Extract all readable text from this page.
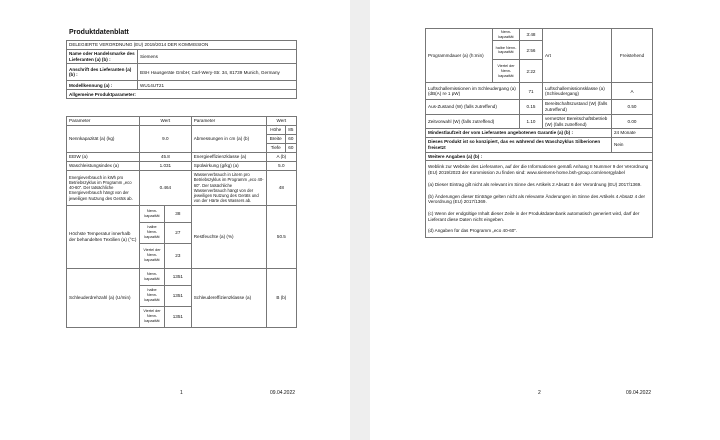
Produktdatenblatt
DELEGIERTE VERORDNUNG (EU) 2019/2014 DER KOMMISSION	
Name oder Handelsmarke des Lieferanten (a) (b) :	Siemens
Anschrift des Lieferanten (a) (b) :	BSH Hausgeräte GmbH; Carl-Wery-Str. 34, 81739 Munich, Germany
Modellkennung (a) :	WU14UT21
Allgemeine Produktparameter:	
Parameter	Wert		Parameter	Wert	
Nennkapazität (a) (kg)	9.0		Abmessungen in cm (a) (b)	Höhe	85
				Breite	60
				Tiefe	60
EEIW (a)	45.8		Energieeffizienzklasse (a)	A (b)	
Waschleistungsindex (a)	1.031		Spülwirkung (g/kg) (a)	5.0	
Energieverbrauch in kWh pro Betriebszyklus im Programm „eco 40-60“. Der tatsächliche Energieverbrauch hängt von der jeweiligen Nutzung des Geräts ab.	0.464		Wasserverbrauch in Litern pro Betriebszyklus im Programm „eco 40-60“. Der tatsächliche Wasserverbrauch hängt von der jeweiligen Nutzung des Geräts und von der Härte des Wassers ab.	48	
Höchste Temperatur innerhalb der behandelten Textilien (a) (°C)	Nenn-kapazität	38	Restfeuchte (a) (%)	50.5	
	halbe Nenn-kapazität	27			
	Viertel der Nenn-kapazität	23			
Schleuderdrehzahl (a) (U/min)	Nenn-kapazität	1351	Schleudereffizienzklasse (a)	B (b)	
	halbe Nenn-kapazität	1351			
	Viertel der Nenn-kapazität	1351			
1	09.04.2022
Programmdauer (a) (h:min)	Nenn-kapazität	3:48	Art	Freistehend
	halbe Nenn-kapazität	2:56		
	Viertel der Nenn-kapazität	2:22		
Luftschallemissionen im Schleudergang (a) (dB(A) re 1 pW)		71	Luftschallemissionsklasse (a) (Schleudergang)	A
Aus-Zustand (W) (falls zutreffend)		0.15	Bereitschaftszustand (W) (falls zutreffend)	0.50
Zeitvorwahl (W) (falls zutreffend)		1.10	vernetzter Bereitschaftsbetrieb (W) (falls zutreffend)	0.00
Mindestlaufzeit der vom Lieferanten angebotenen Garantie (a) (b) :				24 Monate
Dieses Produkt ist so konzipiert, das es während des Waschzyklus Silberionen freisetzt				Nein
Weitere Angaben (a) (b) :				

Weblink zur Website des Lieferanten, auf der die Informationen gemäß Anhang II Nummer 9 der Verordnung (EU) 2019/2023 der Kommission zu finden sind: www.siemens-home.bsh-group.com/energylabel
(a) Dieser Eintrag gilt nicht als relevant im Sinne des Artikels 2 Absatz 6 der Verordnung (EU) 2017/1369.
(b) Änderungen dieser Einträge gelten nicht als relevante Änderungen im Sinne des Artikels 4 Absatz 4 der Verordnung (EU) 2017/1369.
(c) Wenn der endgültige Inhalt dieser Zeile in der Produktdatenbank automatisch generiert wird, darf der Lieferant diese Daten nicht eingeben.
(d) Angaben für das Programm „eco 40-60“.				
2	09.04.2022
